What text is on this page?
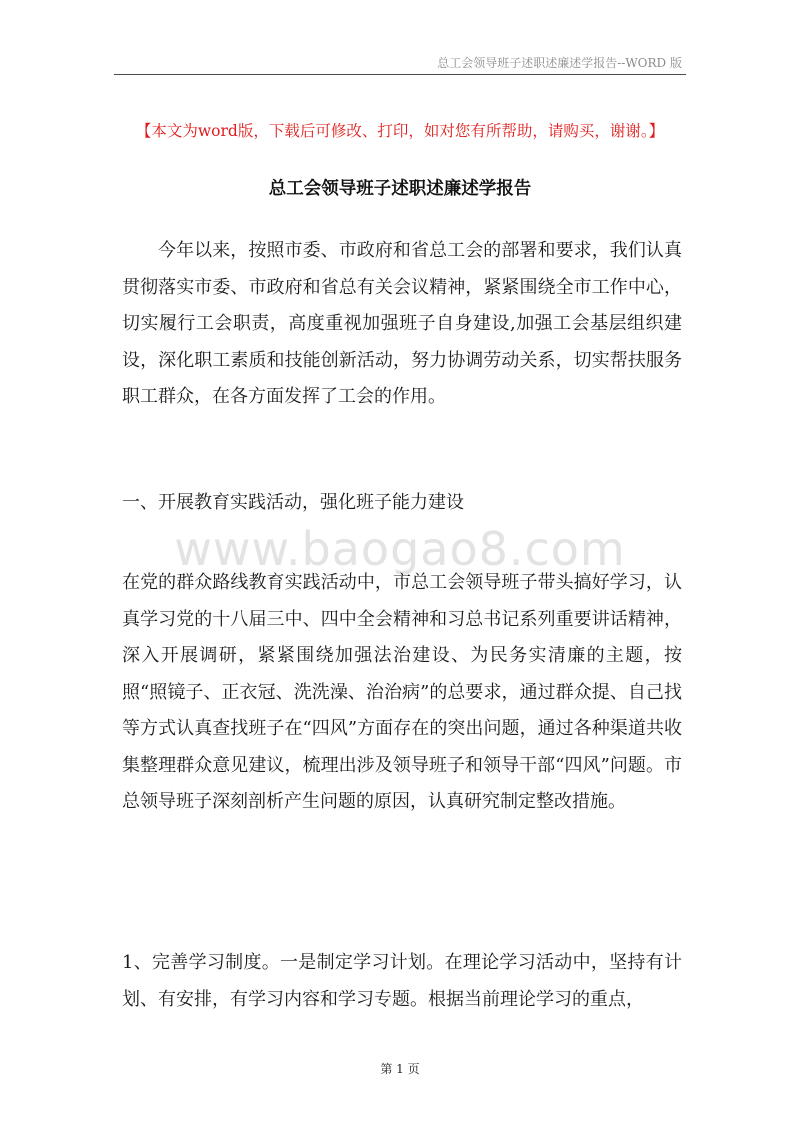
总工会领导班子述职述廉述学报告--WORD 版
【本文为word版，下载后可修改、打印，如对您有所帮助，请购买，谢谢。】
总工会领导班子述职述廉述学报告
今年以来，按照市委、市政府和省总工会的部署和要求，我们认真贯彻落实市委、市政府和省总有关会议精神，紧紧围绕全市工作中心，切实履行工会职责，高度重视加强班子自身建设,加强工会基层组织建设，深化职工素质和技能创新活动，努力协调劳动关系，切实帮扶服务职工群众，在各方面发挥了工会的作用。
一、开展教育实践活动，强化班子能力建设
www.baogao8.com
在党的群众路线教育实践活动中，市总工会领导班子带头搞好学习，认真学习党的十八届三中、四中全会精神和习总书记系列重要讲话精神，深入开展调研，紧紧围绕加强法治建设、为民务实清廉的主题，按照“照镜子、正衣冠、洗洗澡、治治病”的总要求，通过群众提、自己找等方式认真查找班子在“四风”方面存在的突出问题，通过各种渠道共收集整理群众意见建议，梳理出涉及领导班子和领导干部“四风”问题。市总领导班子深刻剖析产生问题的原因，认真研究制定整改措施。
1、完善学习制度。一是制定学习计划。在理论学习活动中，坚持有计划、有安排，有学习内容和学习专题。根据当前理论学习的重点，
第 1 页
